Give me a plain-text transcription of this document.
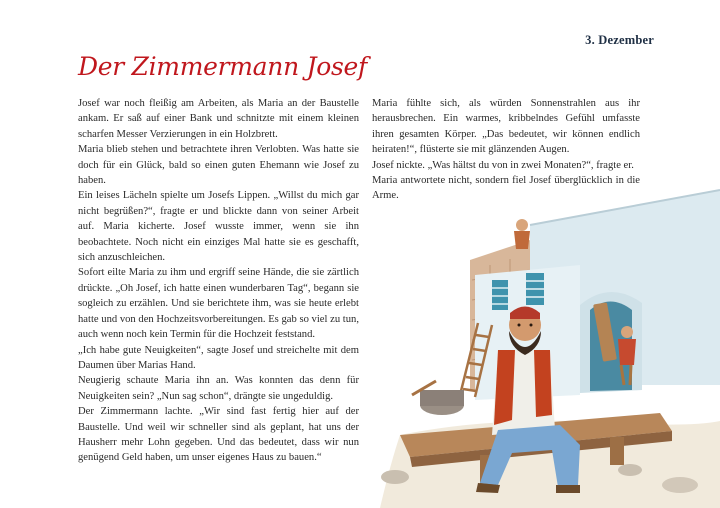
3. Dezember
Der Zimmermann Josef

Josef war noch fleißig am Arbeiten, als Maria an der Baustelle ankam. Er saß auf einer Bank und schnitzte mit einem kleinen scharfen Messer Verzierungen in ein Holzbrett.

Maria blieb stehen und betrachtete ihren Verlobten. Was hatte sie doch für ein Glück, bald so einen guten Ehemann wie Josef zu haben.

Ein leises Lächeln spielte um Josefs Lippen. „Willst du mich gar nicht begrüßen?“, fragte er und blickte dann von seiner Arbeit auf. Maria kicherte. Josef wusste immer, wenn sie ihn beobachtete. Noch nicht ein einziges Mal hatte sie es geschafft, sich anzuschleichen.

Sofort eilte Maria zu ihm und ergriff seine Hände, die sie zärtlich drückte. „Oh Josef, ich hatte einen wunderbaren Tag“, begann sie sogleich zu erzählen. Und sie berichtete ihm, was sie heute erlebt hatte und von den Hochzeitsvorbereitungen. Es gab so viel zu tun, auch wenn noch kein Termin für die Hochzeit feststand.

„Ich habe gute Neuigkeiten“, sagte Josef und streichelte mit dem Daumen über Marias Hand.

Neugierig schaute Maria ihn an. Was konnten das denn für Neuigkeiten sein? „Nun sag schon“, drängte sie ungeduldig.

Der Zimmermann lachte. „Wir sind fast fertig hier auf der Baustelle. Und weil wir schneller sind als geplant, hat uns der Hausherr mehr Lohn gegeben. Und das bedeutet, dass wir nun genügend Geld haben, um unser eigenes Haus zu bauen.“

Maria fühlte sich, als würden Sonnenstrahlen aus ihr herausbrechen. Ein warmes, kribbelndes Gefühl umfasste ihren gesamten Körper. „Das bedeutet, wir können endlich heiraten!“, flüsterte sie mit glänzenden Augen.

Josef nickte. „Was hältst du von in zwei Monaten?“, fragte er.

Maria antwortete nicht, sondern fiel Josef überglücklich in die Arme.
